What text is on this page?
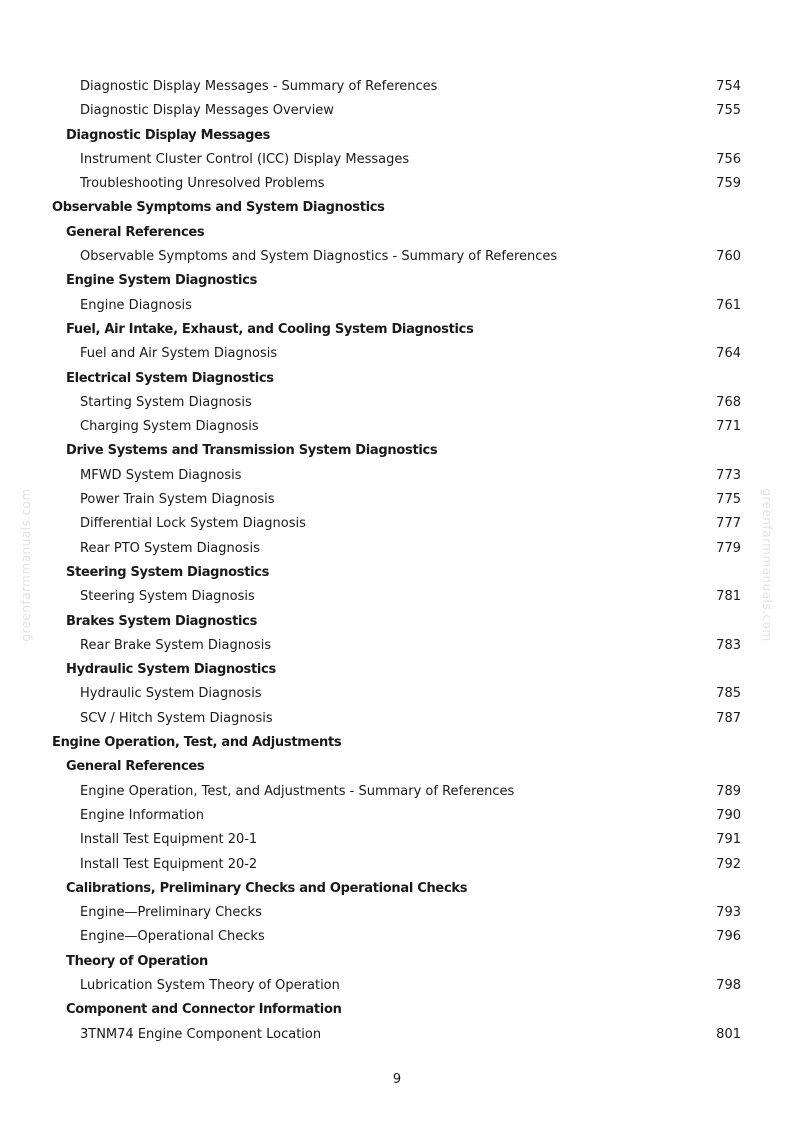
greenfarmmanuals.com	greenfarmmanuals.com
Diagnostic Display Messages - Summary of References	754
Diagnostic Display Messages Overview	755
Diagnostic Display Messages
Instrument Cluster Control (ICC) Display Messages	756
Troubleshooting Unresolved Problems	759
Observable Symptoms and System Diagnostics
General References
Observable Symptoms and System Diagnostics - Summary of References	760
Engine System Diagnostics
Engine Diagnosis	761
Fuel, Air Intake, Exhaust, and Cooling System Diagnostics
Fuel and Air System Diagnosis	764
Electrical System Diagnostics
Starting System Diagnosis	768
Charging System Diagnosis	771
Drive Systems and Transmission System Diagnostics
MFWD System Diagnosis	773
Power Train System Diagnosis	775
Differential Lock System Diagnosis	777
Rear PTO System Diagnosis	779
Steering System Diagnostics
Steering System Diagnosis	781
Brakes System Diagnostics
Rear Brake System Diagnosis	783
Hydraulic System Diagnostics
Hydraulic System Diagnosis	785
SCV / Hitch System Diagnosis	787
Engine Operation, Test, and Adjustments
General References
Engine Operation, Test, and Adjustments - Summary of References	789
Engine Information	790
Install Test Equipment 20-1	791
Install Test Equipment 20-2	792
Calibrations, Preliminary Checks and Operational Checks
Engine—Preliminary Checks	793
Engine—Operational Checks	796
Theory of Operation
Lubrication System Theory of Operation	798
Component and Connector Information
3TNM74 Engine Component Location	801
9
